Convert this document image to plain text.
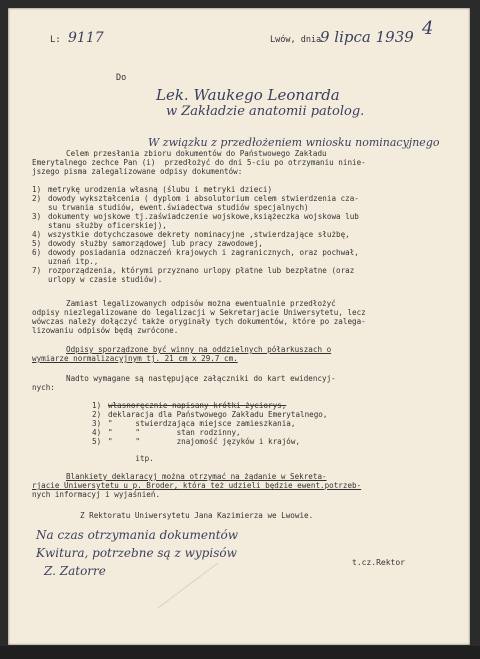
L: 9117	Lwów, dnia
9 lipca 1939 4
Do
Lek. Waukego Leonarda
w Zakładzie anatomii patolog.
W związku z przedłożeniem wniosku nominacyjnego
Celem przesłania zbioru dokumentów do Państwowego Zakładu
Emerytalnego zechce Pan (i)  przedłożyć do dni 5-ciu po otrzymaniu ninie-
jszego pisma zalegalizowane odpisy dokumentów:
1) metrykę urodzenia własną (ślubu i metryki dzieci)
2) dowody wykształcenia ( dyplom i absolutorium celem stwierdzenia cza-
su trwania studiów, ewent.świadectwa studiów specjalnych)
3) dokumenty wojskowe tj.zaświadczenie wojskowe,książeczka wojskowa lub
stanu służby oficerskiej),
4) wszystkie dotychczasowe dekrety nominacyjne ,stwierdzające służbę,
5) dowody służby samorządowej lub pracy zawodowej,
6) dowody posiadania odznaczeń krajowych i zagranicznych, oraz pochwał,
uznań itp.,
7) rozporządzenia, którymi przyznano urlopy płatne lub bezpłatne (oraz
urlopy w czasie studiów).
Zamiast legalizowanych odpisów można ewentualnie przedłożyć
odpisy niezlegalizowane do legalizacji w Sekretarjacie Uniwersytetu, lecz
wówczas należy dołączyć także oryginały tych dokumentów, które po zalega-
lizowaniu odpisów będą zwrócone.
Odpisy sporządzone być winny na oddzielnych półarkuszach o
wymiarze normalizacyjnym tj. 21 cm x 29.7 cm.
Nadto wymagane są następujące załączniki do kart ewidencyj-
nych:
1) własnoręcznie napisany krótki życiorys,
2) deklaracja dla Państwowego Zakładu Emerytalnego,
3) "     stwierdzająca miejsce zamieszkania,
4) "     "        stan rodzinny,
5) "     "        znajomość języków i krajów,
itp.
Blankiety deklaracyj można otrzymać na żądanie w Sekreta-
rjacie Uniwersytetu u p. Broder, która też udzieli będzie ewent.potrzeb-
nych informacyj i wyjaśnień.
Z Rektoratu Uniwersytetu Jana Kazimierza we Lwowie.
Na czas otrzymania dokumentów
Kwitura, potrzebne są z wypisów
Z. Zatorre
t.cz.Rektor
